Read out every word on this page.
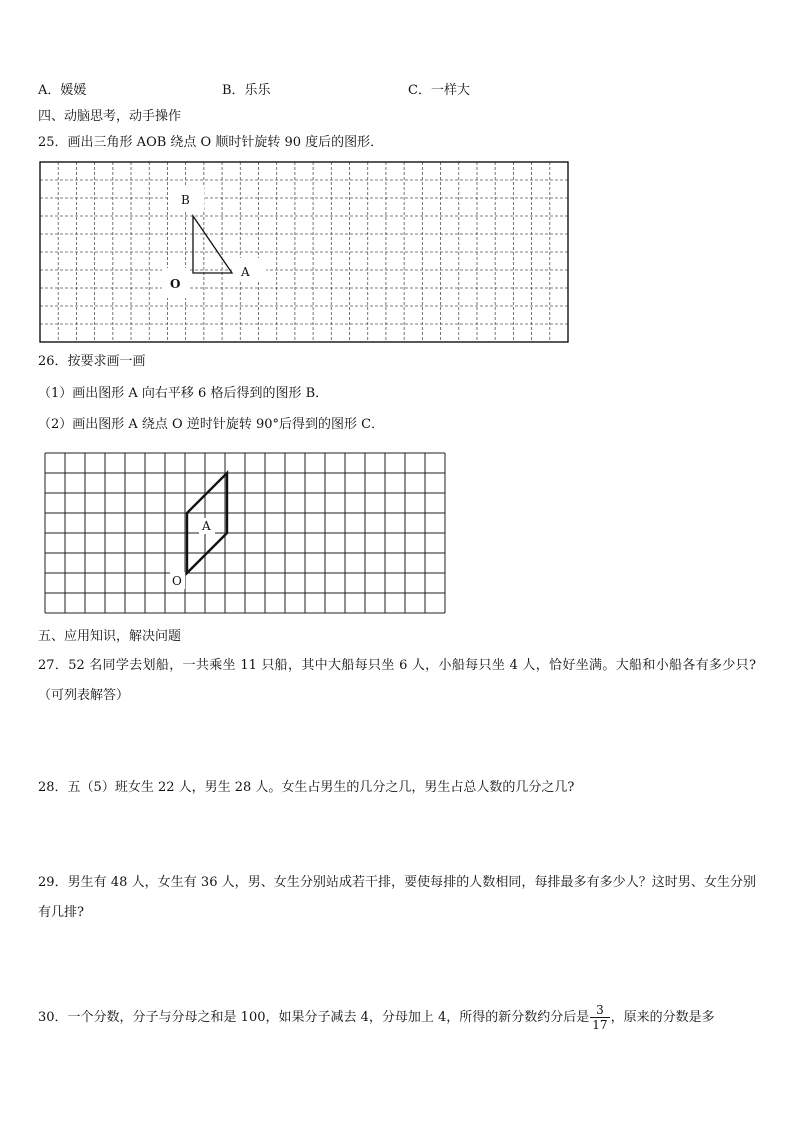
A．媛媛	B．乐乐	C．一样大
四、动脑思考，动手操作
25．画出三角形 AOB 绕点 O 顺时针旋转 90 度后的图形．
B
A
O
26．按要求画一画
（1）画出图形 A 向右平移 6 格后得到的图形 B．
（2）画出图形 A 绕点 O 逆时针旋转 90°后得到的图形 C．
A
O
五、应用知识，解决问题
27．52 名同学去划船，一共乘坐 11 只船，其中大船每只坐 6 人，小船每只坐 4 人，恰好坐满。大船和小船各有多少只?（可列表解答）
28．五（5）班女生 22 人，男生 28 人。女生占男生的几分之几，男生占总人数的几分之几?
29．男生有 48 人，女生有 36 人，男、女生分别站成若干排，要使每排的人数相同，每排最多有多少人？这时男、女生分别有几排?
30．一个分数，分子与分母之和是 100，如果分子减去 4，分母加上 4，所得的新分数约分后是 $\frac{3}{17}$ ，原来的分数是多
